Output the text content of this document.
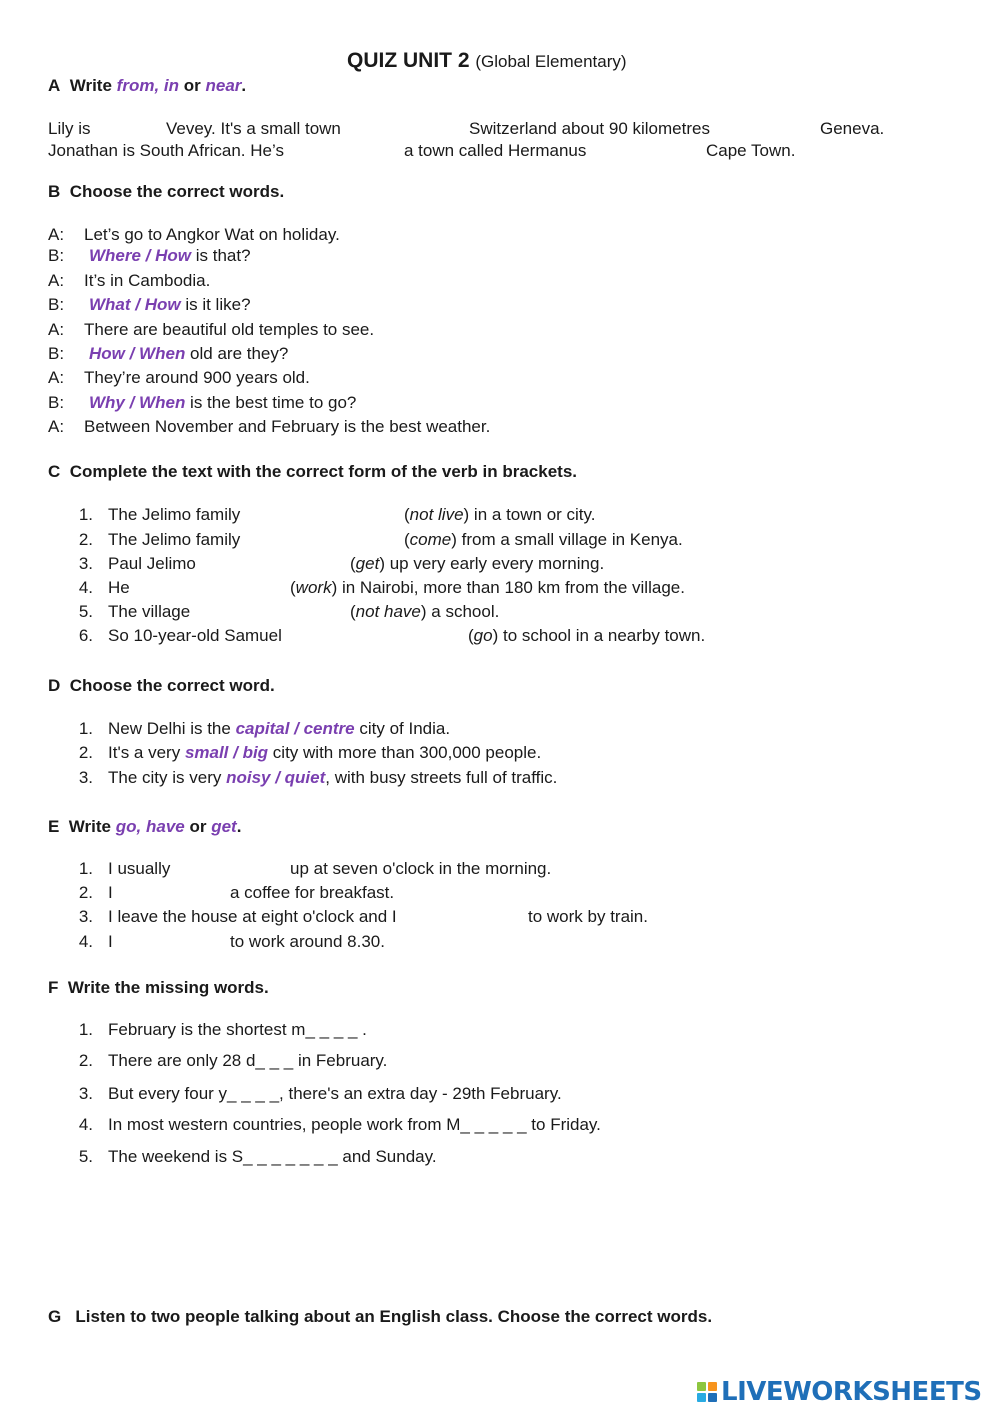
QUIZ UNIT 2 (Global Elementary)
A Write from, in or near.
Lily is	Vevey. It's a small town	Switzerland about 90 kilometres	Geneva.
Jonathan is South African. He’s	a town called Hermanus	Cape Town.
B Choose the correct words.
A: Let’s go to Angkor Wat on holiday.
B: Where / How is that?
A: It’s in Cambodia.
B: What / How is it like?
A: There are beautiful old temples to see.
B: How / When old are they?
A: They’re around 900 years old.
B: Why / When is the best time to go?
A: Between November and February is the best weather.
C Complete the text with the correct form of the verb in brackets.
1. The Jelimo family	(not live) in a town or city.
2. The Jelimo family	(come) from a small village in Kenya.
3. Paul Jelimo	(get) up very early every morning.
4. He	(work) in Nairobi, more than 180 km from the village.
5. The village	(not have) a school.
6. So 10-year-old Samuel	(go) to school in a nearby town.
D Choose the correct word.
1. New Delhi is the capital / centre city of India.
2. It's a very small / big city with more than 300,000 people.
3. The city is very noisy / quiet, with busy streets full of traffic.
E Write go, have or get.
1. I usually	up at seven o'clock in the morning.
2. I	a coffee for breakfast.
3. I leave the house at eight o'clock and I	to work by train.
4. I	to work around 8.30.
F Write the missing words.
1. February is the shortest m_ _ _ _ .
2. There are only 28 d_ _ _ in February.
3. But every four y_ _ _ _, there's an extra day - 29th February.
4. In most western countries, people work from M_ _ _ _ _ to Friday.
5. The weekend is S_ _ _ _ _ _ _ and Sunday.
G Listen to two people talking about an English class. Choose the correct words.
LIVEWORKSHEETS
